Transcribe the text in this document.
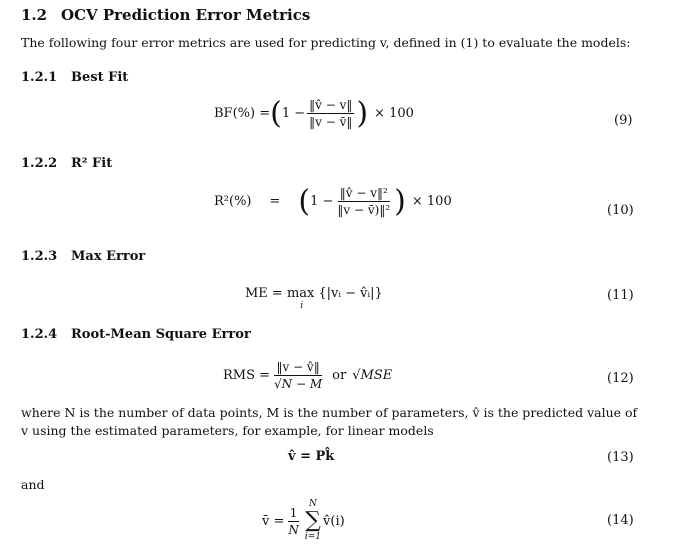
1.2 OCV Prediction Error Metrics
The following four error metrics are used for predicting v, defined in (1) to evaluate the models:
1.2.1 Best Fit
BF(%) = ( $1 - \frac{‖v̂ - v‖}{‖v - v̄‖}$ ) × 100	(9)
1.2.2 R² Fit
R²(%) = ( $1 - \frac{\text{‖v̂ − v‖²}}{\text{‖v − v̄)‖²}}$ ) × 100
(10)
1.2.3 Max Error
ME = max
i
{|vᵢ − v̂ᵢ|}	(11)
1.2.4 Root-Mean Square Error
RMS = $\frac{‖v - v̂‖}{√N - M}$ or √MSE	(12)
where N is the number of data points, M is the number of parameters, v̂ is the predicted value of v using the estimated parameters, for example, for linear models
v̂ = Pk̂	(13)
and
v̄ = $\frac{1}{N}$
N
∑
i=1
v̂(i)	(14)
